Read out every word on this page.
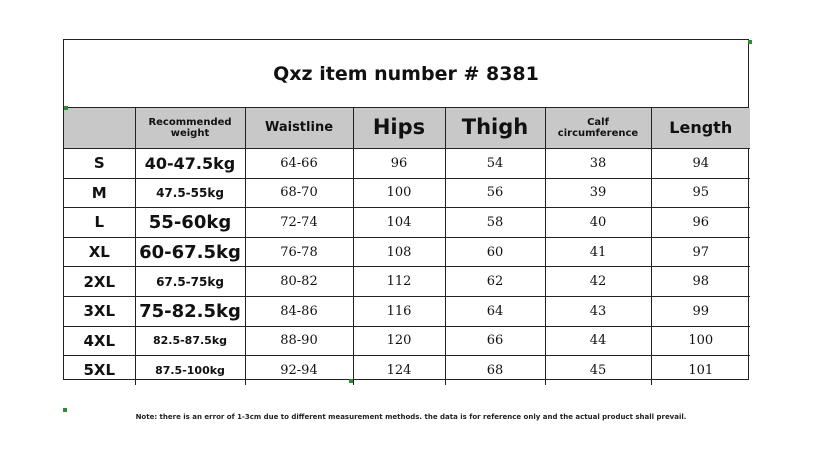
Qxz item number # 8381
	Recommended weight	Waistline	Hips	Thigh	Calf circumference	Length
S	40-47.5kg	64-66	96	54	38	94
M	47.5-55kg	68-70	100	56	39	95
L	55-60kg	72-74	104	58	40	96
XL	60-67.5kg	76-78	108	60	41	97
2XL	67.5-75kg	80-82	112	62	42	98
3XL	75-82.5kg	84-86	116	64	43	99
4XL	82.5-87.5kg	88-90	120	66	44	100
5XL	87.5-100kg	92-94	124	68	45	101
Note: there is an error of 1-3cm due to different measurement methods. the data is for reference only and the actual product shall prevail.
